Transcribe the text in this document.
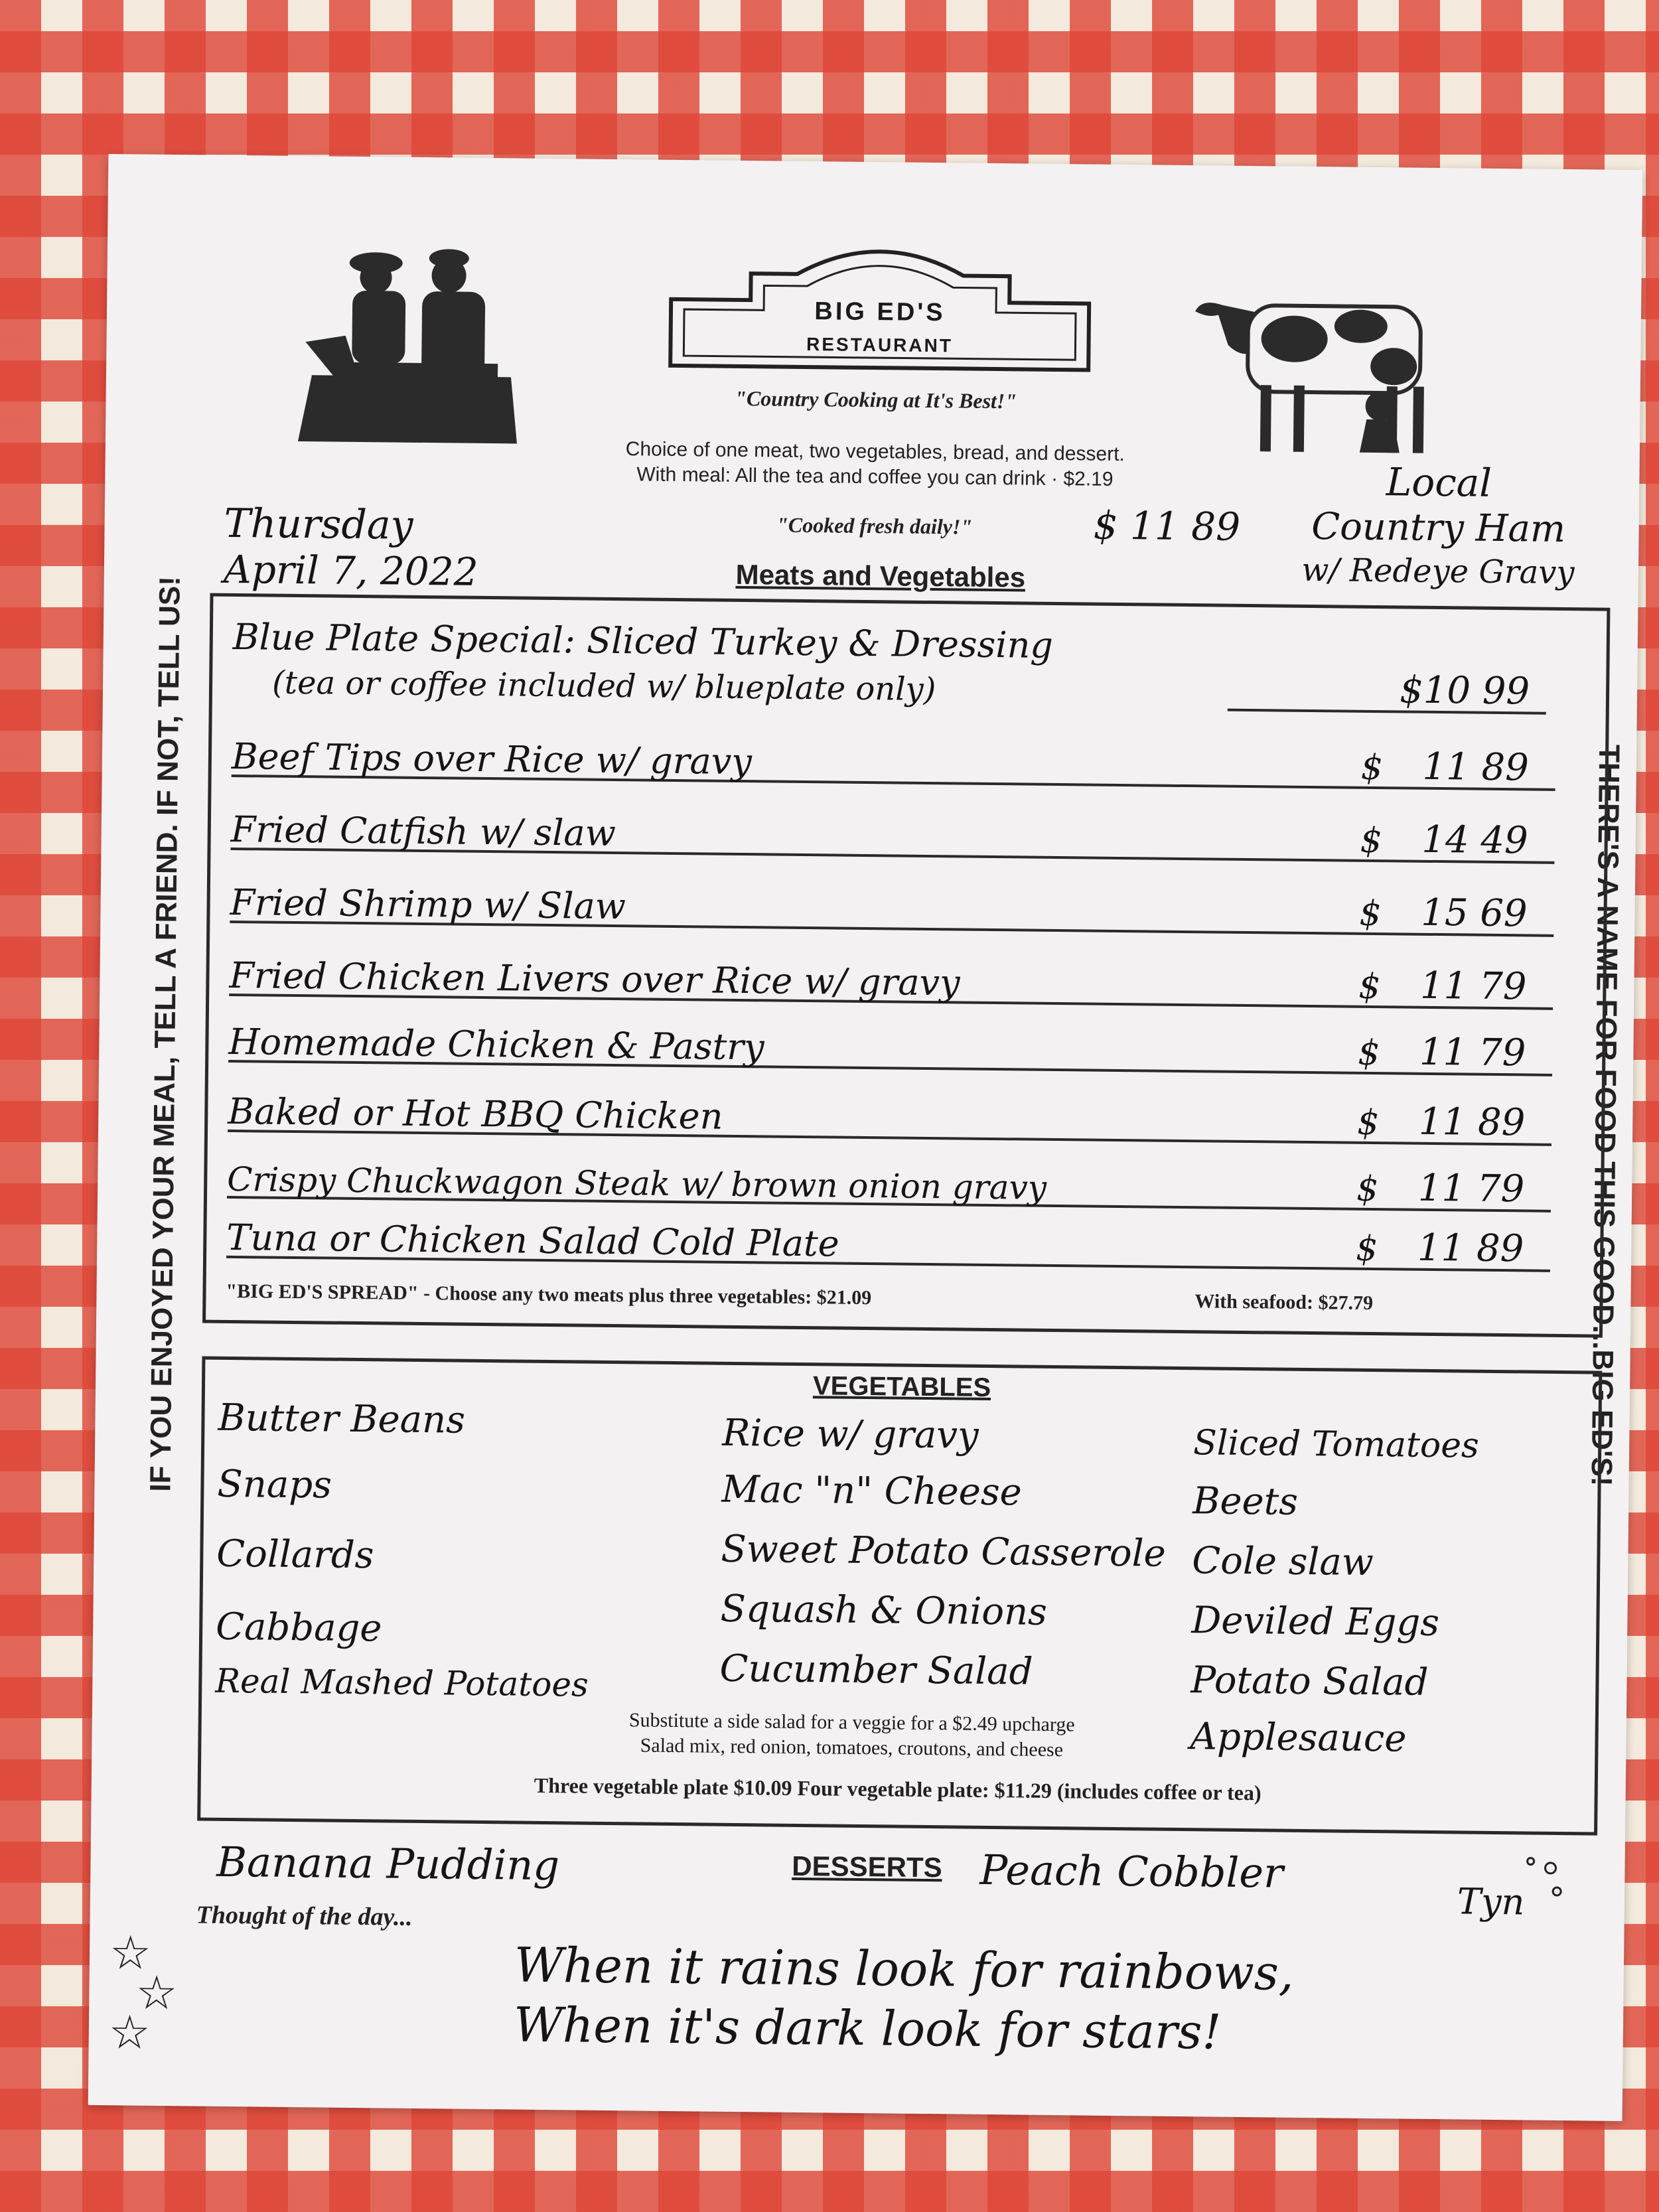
BIG ED'S
RESTAURANT
"Country Cooking at It's Best!"
Choice of one meat, two vegetables, bread, and dessert.
With meal: All the tea and coffee you can drink · $2.19
Thursday
April 7, 2022
"Cooked fresh daily!"
Meats and Vegetables
$ 11 89
Local
Country Ham
w/ Redeye Gravy
IF YOU ENJOYED YOUR MEAL, TELL A FRIEND. IF NOT, TELL US!	THERE'S A NAME FOR FOOD THIS GOOD...BIG ED'S!
Blue Plate Special: Sliced Turkey & Dressing
(tea or coffee included w/ blueplate only)	$10 99
Beef Tips over Rice w/ gravy	$ 11 89
Fried Catfish w/ slaw	$ 14 49
Fried Shrimp w/ Slaw	$ 15 69
Fried Chicken Livers over Rice w/ gravy	$ 11 79
Homemade Chicken & Pastry	$ 11 79
Baked or Hot BBQ Chicken	$ 11 89
Crispy Chuckwagon Steak w/ brown onion gravy	$ 11 79
Tuna or Chicken Salad Cold Plate	$ 11 89
"BIG ED'S SPREAD" - Choose any two meats plus three vegetables: $21.09	With seafood: $27.79
VEGETABLES
Butter Beans
Snaps
Collards
Cabbage
Real Mashed Potatoes
Rice w/ gravy
Mac "n" Cheese
Sweet Potato Casserole
Squash & Onions
Cucumber Salad
Sliced Tomatoes
Beets
Cole slaw
Deviled Eggs
Potato Salad
Applesauce
Substitute a side salad for a veggie for a $2.49 upcharge
Salad mix, red onion, tomatoes, croutons, and cheese
Three vegetable plate $10.09 Four vegetable plate: $11.29 (includes coffee or tea)
Banana Pudding	DESSERTS Peach Cobbler
Tyn
Thought of the day...
☆
☆
☆
When it rains look for rainbows,
When it's dark look for stars!
